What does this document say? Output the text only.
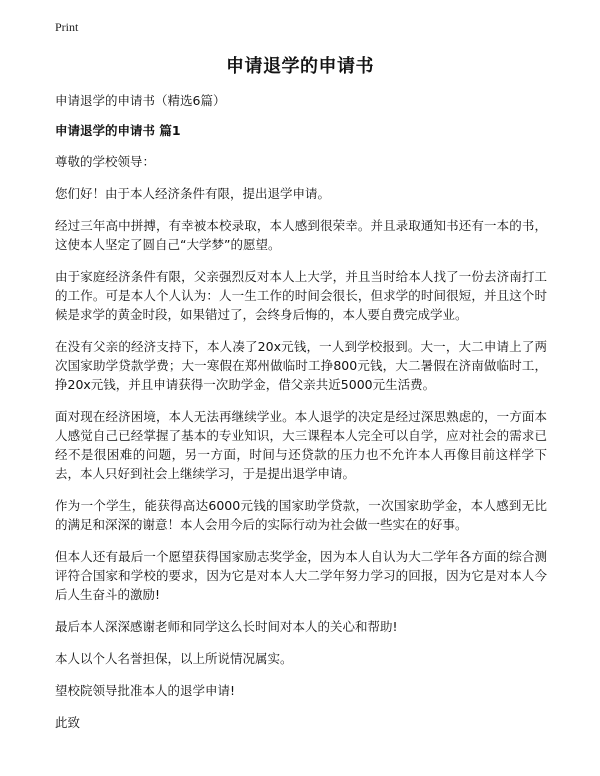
Print
申请退学的申请书

申请退学的申请书（精选6篇）

申请退学的申请书 篇1

尊敬的学校领导：

您们好！由于本人经济条件有限，提出退学申请。

经过三年高中拼搏，有幸被本校录取，本人感到很荣幸。并且录取通知书还有一本的书，这使本人坚定了圆自己“大学梦”的愿望。

由于家庭经济条件有限，父亲强烈反对本人上大学，并且当时给本人找了一份去济南打工的工作。可是本人个人认为：人一生工作的时间会很长，但求学的时间很短，并且这个时候是求学的黄金时段，如果错过了，会终身后悔的，本人要自费完成学业。

在没有父亲的经济支持下，本人凑了20x元钱，一人到学校报到。大一，大二申请上了两次国家助学贷款学费；大一寒假在郑州做临时工挣800元钱，大二暑假在济南做临时工，挣20x元钱，并且申请获得一次助学金，借父亲共近5000元生活费。

面对现在经济困境，本人无法再继续学业。本人退学的决定是经过深思熟虑的，一方面本人感觉自己已经掌握了基本的专业知识，大三课程本人完全可以自学，应对社会的需求已经不是很困难的问题，另一方面，时间与还贷款的压力也不允许本人再像目前这样学下去，本人只好到社会上继续学习，于是提出退学申请。

作为一个学生，能获得高达6000元钱的国家助学贷款，一次国家助学金，本人感到无比的满足和深深的谢意！本人会用今后的实际行动为社会做一些实在的好事。

但本人还有最后一个愿望获得国家励志奖学金，因为本人自认为大二学年各方面的综合测评符合国家和学校的要求，因为它是对本人大二学年努力学习的回报，因为它是对本人今后人生奋斗的激励!

最后本人深深感谢老师和同学这么长时间对本人的关心和帮助!

本人以个人名誉担保，以上所说情况属实。

望校院领导批准本人的退学申请!

此致
